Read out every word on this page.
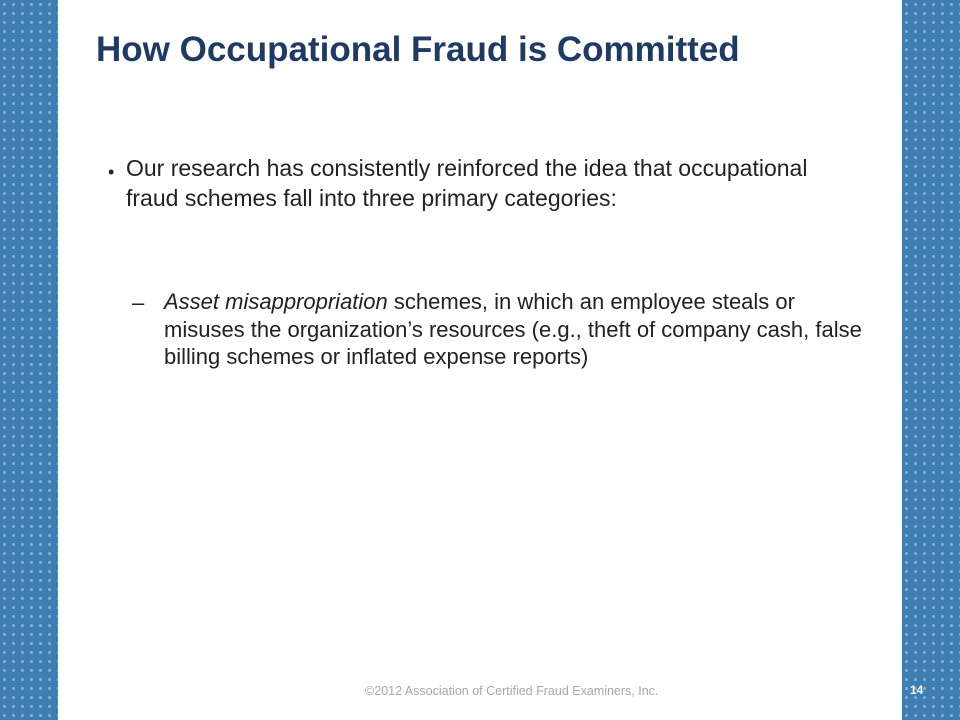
How Occupational Fraud is Committed
• Our research has consistently reinforced the idea that occupational fraud schemes fall into three primary categories:

– Asset misappropriation schemes, in which an employee steals or misuses the organization’s resources (e.g., theft of company cash, false billing schemes or inflated expense reports)

©2012 Association of Certified Fraud Examiners, Inc.	14
